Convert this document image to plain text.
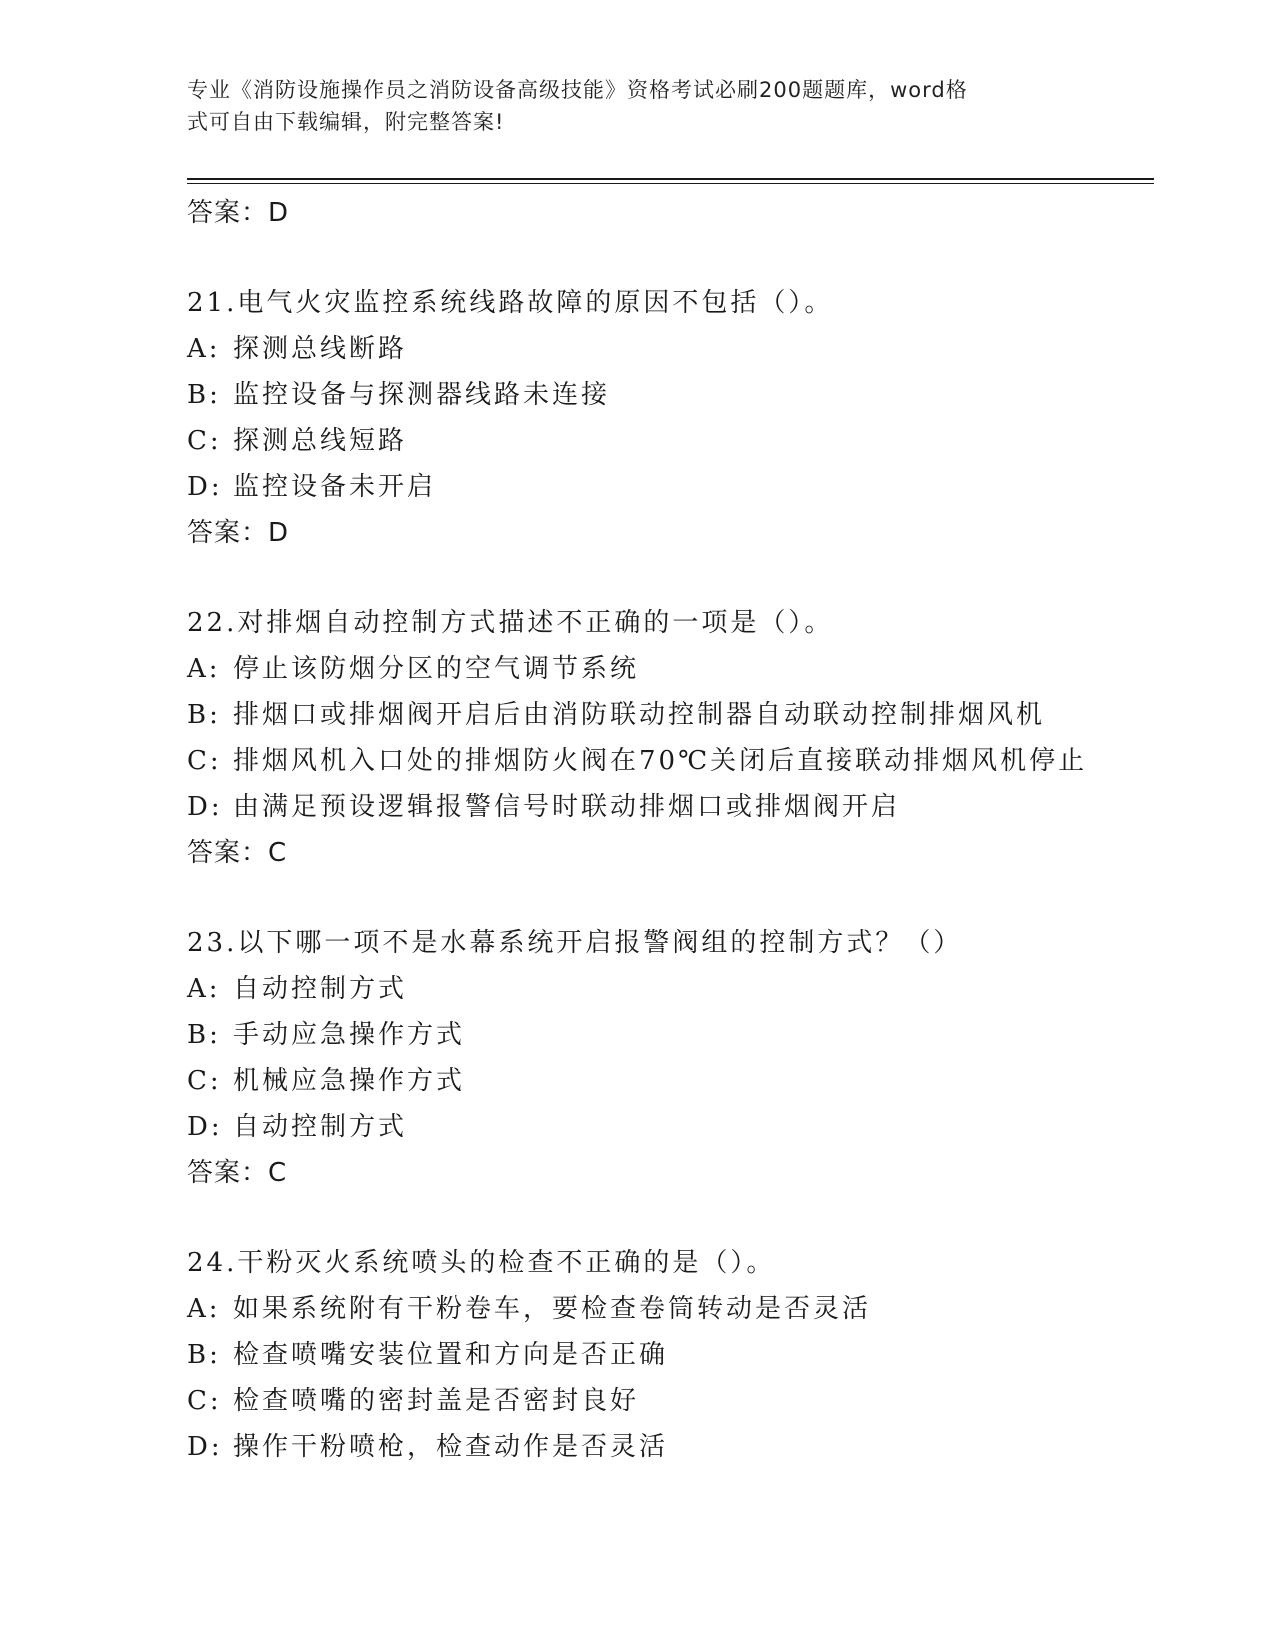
专业《消防设施操作员之消防设备高级技能》资格考试必刷200题题库，word格
式可自由下载编辑，附完整答案!
答案：D
21.电气火灾监控系统线路故障的原因不包括（）。
A: 探测总线断路
B: 监控设备与探测器线路未连接
C: 探测总线短路
D: 监控设备未开启
答案：D
22.对排烟自动控制方式描述不正确的一项是（）。
A: 停止该防烟分区的空气调节系统
B: 排烟口或排烟阀开启后由消防联动控制器自动联动控制排烟风机
C: 排烟风机入口处的排烟防火阀在70℃关闭后直接联动排烟风机停止
D: 由满足预设逻辑报警信号时联动排烟口或排烟阀开启
答案：C
23.以下哪一项不是水幕系统开启报警阀组的控制方式？（）
A: 自动控制方式
B: 手动应急操作方式
C: 机械应急操作方式
D: 自动控制方式
答案：C
24.干粉灭火系统喷头的检查不正确的是（）。
A: 如果系统附有干粉卷车，要检查卷筒转动是否灵活
B: 检查喷嘴安装位置和方向是否正确
C: 检查喷嘴的密封盖是否密封良好
D: 操作干粉喷枪，检查动作是否灵活
